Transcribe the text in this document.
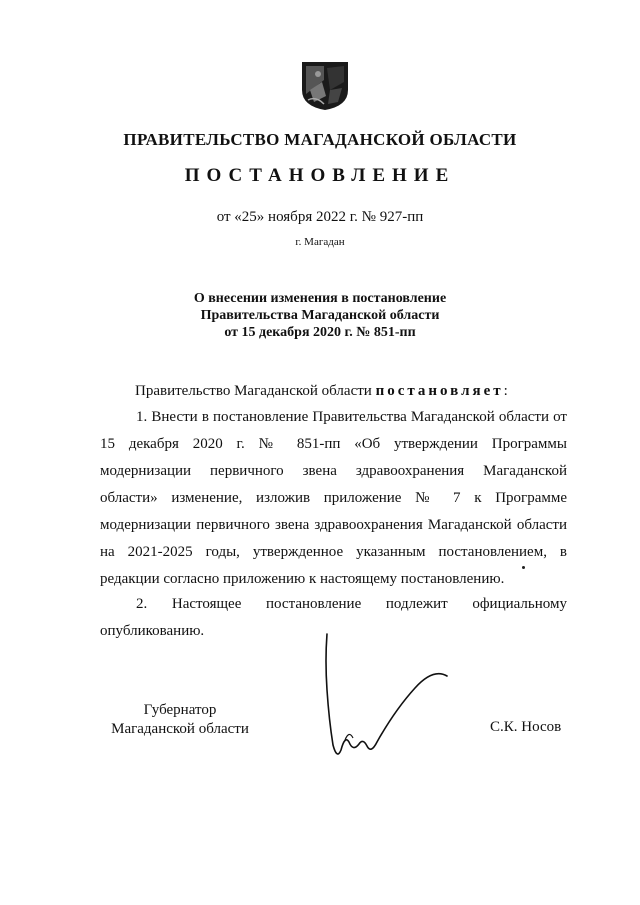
ПРАВИТЕЛЬСТВО МАГАДАНСКОЙ ОБЛАСТИ
ПОСТАНОВЛЕНИЕ
от «25» ноября 2022 г. № 927-пп
г. Магадан
О внесении изменения в постановление
Правительства Магаданской области
от 15 декабря 2020 г. № 851-пп
Правительство Магаданской области постановляет:
1. Внести в постановление Правительства Магаданской области от 15 декабря 2020 г. № 851-пп «Об утверждении Программы модернизации первичного звена здравоохранения Магаданской области» изменение, изложив приложение № 7 к Программе модернизации первичного звена здравоохранения Магаданской области на 2021-2025 годы, утвержденное указанным постановлением, в редакции согласно приложению к настоящему постановлению.
2. Настоящее постановление подлежит официальному
опубликованию.
Губернатор
Магаданской области	С.К. Носов
